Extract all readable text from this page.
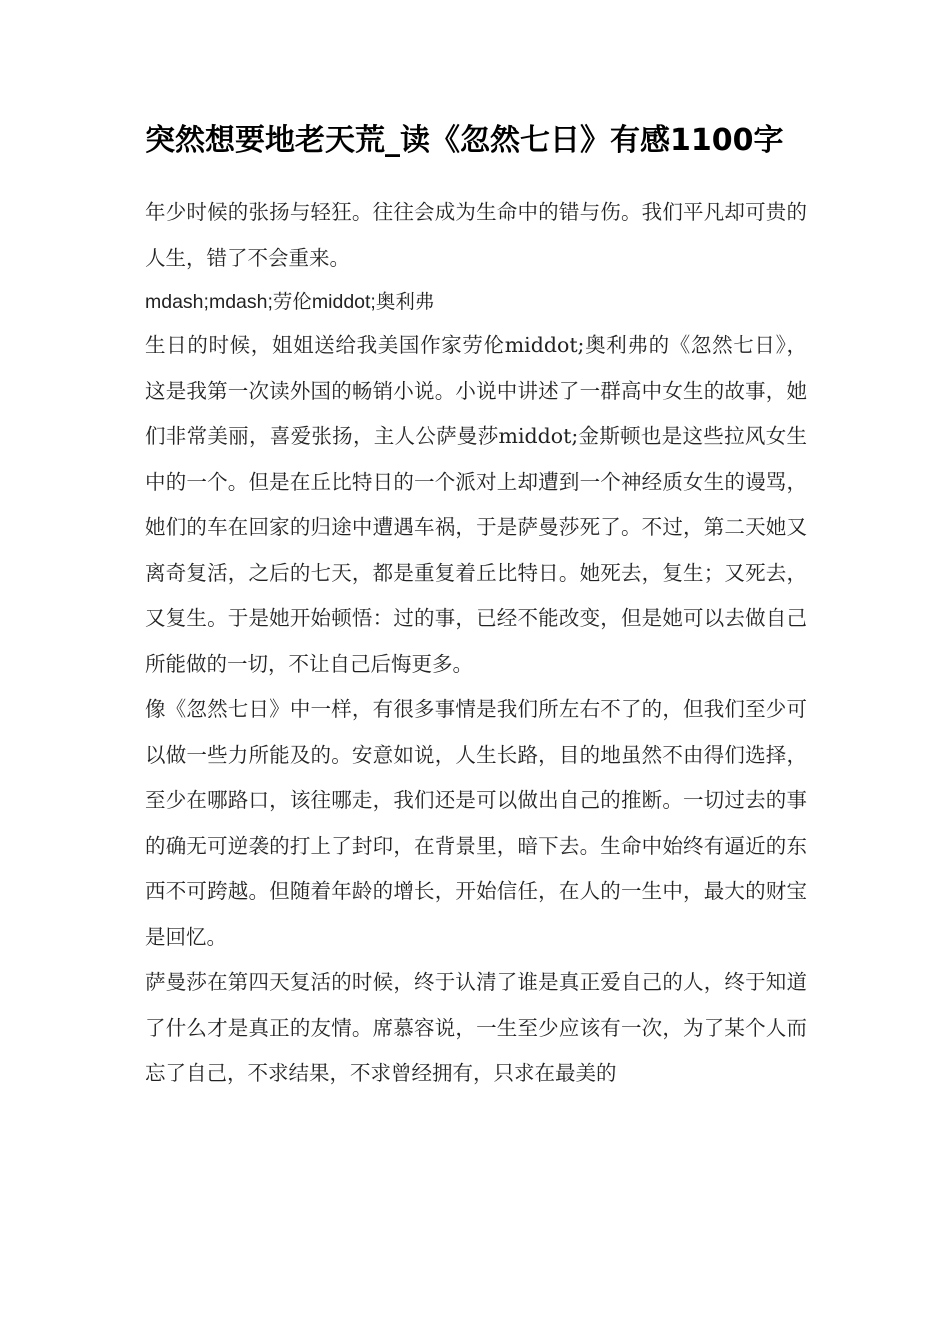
突然想要地老天荒_读《忽然七日》有感1100字

年少时候的张扬与轻狂。往往会成为生命中的错与伤。我们平凡却可贵的人生，错了不会重来。

mdash;mdash;劳伦middot;奥利弗

生日的时候，姐姐送给我美国作家劳伦middot;奥利弗的《忽然七日》，这是我第一次读外国的畅销小说。小说中讲述了一群高中女生的故事，她们非常美丽，喜爱张扬，主人公萨曼莎middot;金斯顿也是这些拉风女生中的一个。但是在丘比特日的一个派对上却遭到一个神经质女生的谩骂，她们的车在回家的归途中遭遇车祸，于是萨曼莎死了。不过，第二天她又离奇复活，之后的七天，都是重复着丘比特日。她死去，复生；又死去，又复生。于是她开始顿悟：过的事，已经不能改变，但是她可以去做自己所能做的一切，不让自己后悔更多。

像《忽然七日》中一样，有很多事情是我们所左右不了的，但我们至少可以做一些力所能及的。安意如说，人生长路，目的地虽然不由得们选择，至少在哪路口，该往哪走，我们还是可以做出自己的推断。一切过去的事的确无可逆袭的打上了封印，在背景里，暗下去。生命中始终有逼近的东西不可跨越。但随着年龄的增长，开始信任，在人的一生中，最大的财宝是回忆。

萨曼莎在第四天复活的时候，终于认清了谁是真正爱自己的人，终于知道了什么才是真正的友情。席慕容说，一生至少应该有一次，为了某个人而忘了自己，不求结果，不求曾经拥有，只求在最美的
